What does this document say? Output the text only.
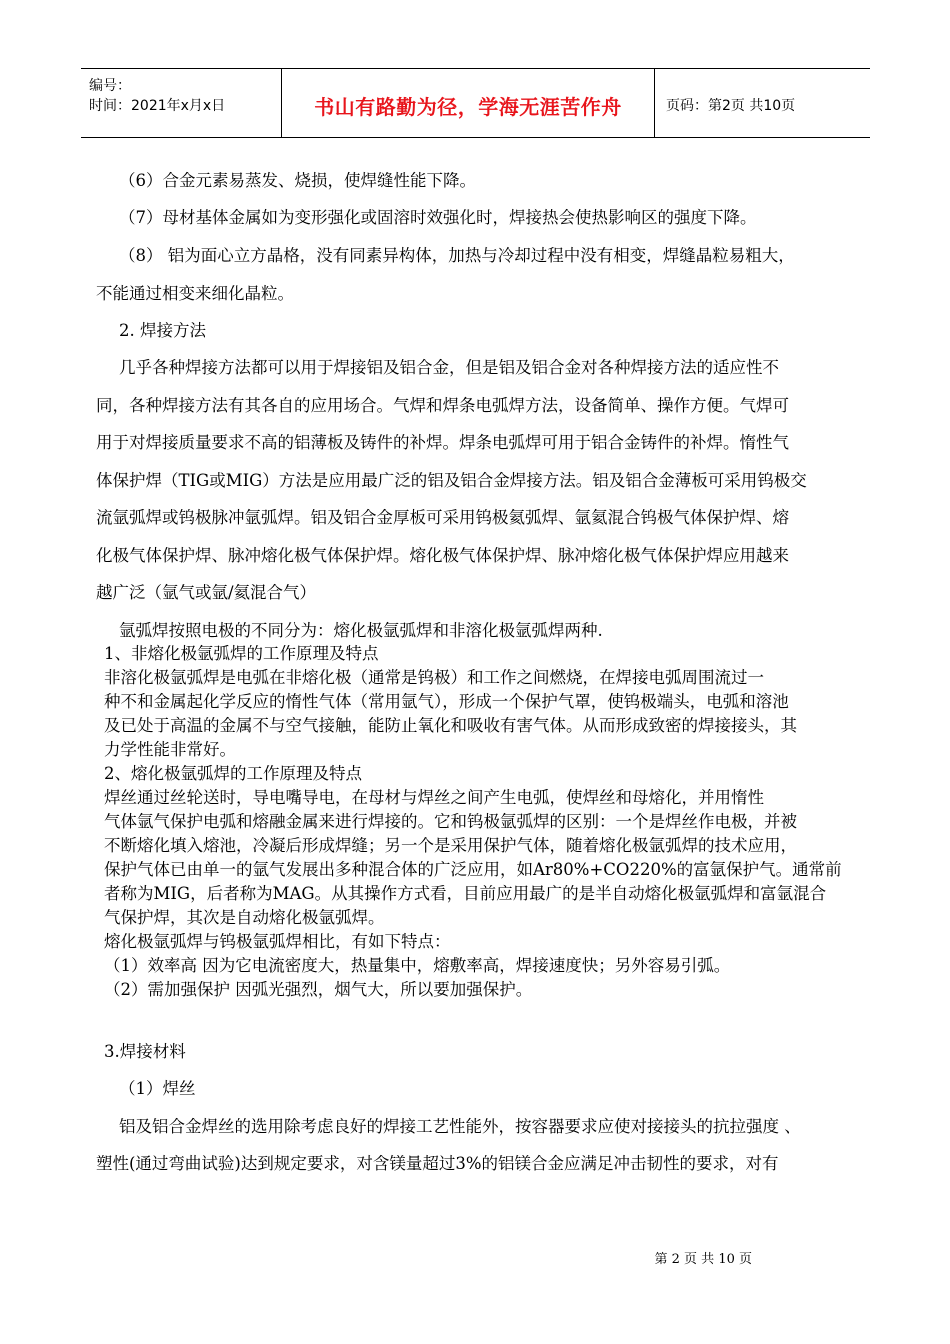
编号：
时间：2021年x月x日	书山有路勤为径，学海无涯苦作舟	页码：第2页 共10页
（6）合金元素易蒸发、烧损，使焊缝性能下降。
（7）母材基体金属如为变形强化或固溶时效强化时，焊接热会使热影响区的强度下降。
（8） 铝为面心立方晶格，没有同素异构体，加热与冷却过程中没有相变，焊缝晶粒易粗大，
不能通过相变来细化晶粒。
2. 焊接方法
几乎各种焊接方法都可以用于焊接铝及铝合金，但是铝及铝合金对各种焊接方法的适应性不
同，各种焊接方法有其各自的应用场合。气焊和焊条电弧焊方法，设备简单、操作方便。气焊可
用于对焊接质量要求不高的铝薄板及铸件的补焊。焊条电弧焊可用于铝合金铸件的补焊。惰性气
体保护焊（TIG或MIG）方法是应用最广泛的铝及铝合金焊接方法。铝及铝合金薄板可采用钨极交
流氩弧焊或钨极脉冲氩弧焊。铝及铝合金厚板可采用钨极氦弧焊、氩氦混合钨极气体保护焊、熔
化极气体保护焊、脉冲熔化极气体保护焊。熔化极气体保护焊、脉冲熔化极气体保护焊应用越来
越广泛（氩气或氩/氦混合气）
氩弧焊按照电极的不同分为：熔化极氩弧焊和非溶化极氩弧焊两种.
1、非熔化极氩弧焊的工作原理及特点
非溶化极氩弧焊是电弧在非熔化极（通常是钨极）和工作之间燃烧，在焊接电弧周围流过一
种不和金属起化学反应的惰性气体（常用氩气），形成一个保护气罩，使钨极端头，电弧和溶池
及已处于高温的金属不与空气接触，能防止氧化和吸收有害气体。从而形成致密的焊接接头，其
力学性能非常好。
2、熔化极氩弧焊的工作原理及特点
焊丝通过丝轮送时，导电嘴导电，在母材与焊丝之间产生电弧，使焊丝和母熔化，并用惰性
气体氩气保护电弧和熔融金属来进行焊接的。它和钨极氩弧焊的区别：一个是焊丝作电极，并被
不断熔化填入熔池，冷凝后形成焊缝；另一个是采用保护气体，随着熔化极氩弧焊的技术应用，
保护气体已由单一的氩气发展出多种混合体的广泛应用，如Ar80%+CO220%的富氩保护气。通常前
者称为MIG，后者称为MAG。从其操作方式看，目前应用最广的是半自动熔化极氩弧焊和富氩混合
气保护焊，其次是自动熔化极氩弧焊。
熔化极氩弧焊与钨极氩弧焊相比，有如下特点：
（1）效率高 因为它电流密度大，热量集中，熔敷率高，焊接速度快；另外容易引弧。
（2）需加强保护 因弧光强烈，烟气大，所以要加强保护。
3.焊接材料
（1）焊丝
铝及铝合金焊丝的选用除考虑良好的焊接工艺性能外，按容器要求应使对接接头的抗拉强度 、
塑性(通过弯曲试验)达到规定要求，对含镁量超过3%的铝镁合金应满足冲击韧性的要求，对有
第 2 页 共 10 页
